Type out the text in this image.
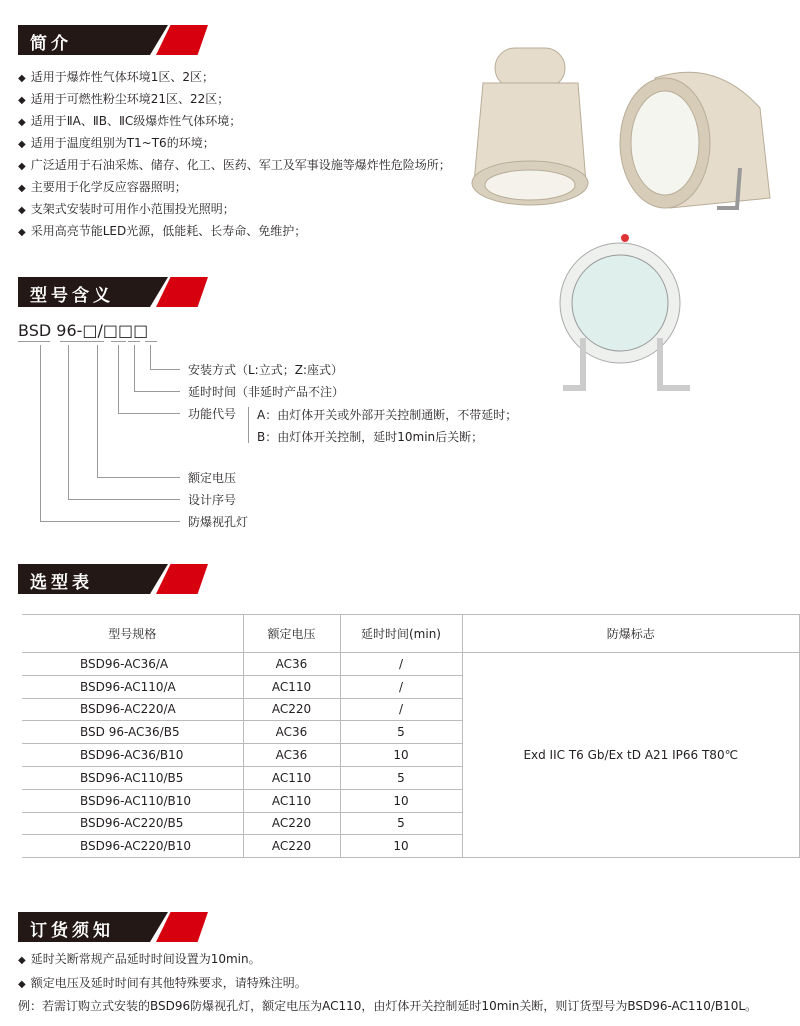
简介
◆ 适用于爆炸性气体环境1区、2区；
◆ 适用于可燃性粉尘环境21区、22区；
◆ 适用于ⅡA、ⅡB、ⅡC级爆炸性气体环境；
◆ 适用于温度组别为T1~T6的环境；
◆ 广泛适用于石油采炼、储存、化工、医药、军工及军事设施等爆炸性危险场所；
◆ 主要用于化学反应容器照明；
◆ 支架式安装时可用作小范围投光照明；
◆ 采用高亮节能LED光源，低能耗、长寿命、免维护；
型号含义
BSD 96-□/□□□
安装方式（L:立式；Z:座式）
延时时间（非延时产品不注）
功能代号
额定电压
设计序号
防爆视孔灯
A：由灯体开关或外部开关控制通断，不带延时；
B：由灯体开关控制，延时10min后关断；
选型表
型号规格	额定电压	延时时间(min)	防爆标志
BSD96-AC36/A	AC36	/	Exd IIC T6 Gb/Ex tD A21 IP66 T80℃
BSD96-AC110/A	AC110	/	
BSD96-AC220/A	AC220	/	
BSD 96-AC36/B5	AC36	5	
BSD96-AC36/B10	AC36	10	
BSD96-AC110/B5	AC110	5	
BSD96-AC110/B10	AC110	10	
BSD96-AC220/B5	AC220	5	
BSD96-AC220/B10	AC220	10	
订货须知
◆ 延时关断常规产品延时时间设置为10min。
◆ 额定电压及延时时间有其他特殊要求，请特殊注明。
例：若需订购立式安装的BSD96防爆视孔灯，额定电压为AC110，由灯体开关控制延时10min关断，则订货型号为BSD96-AC110/B10L。
